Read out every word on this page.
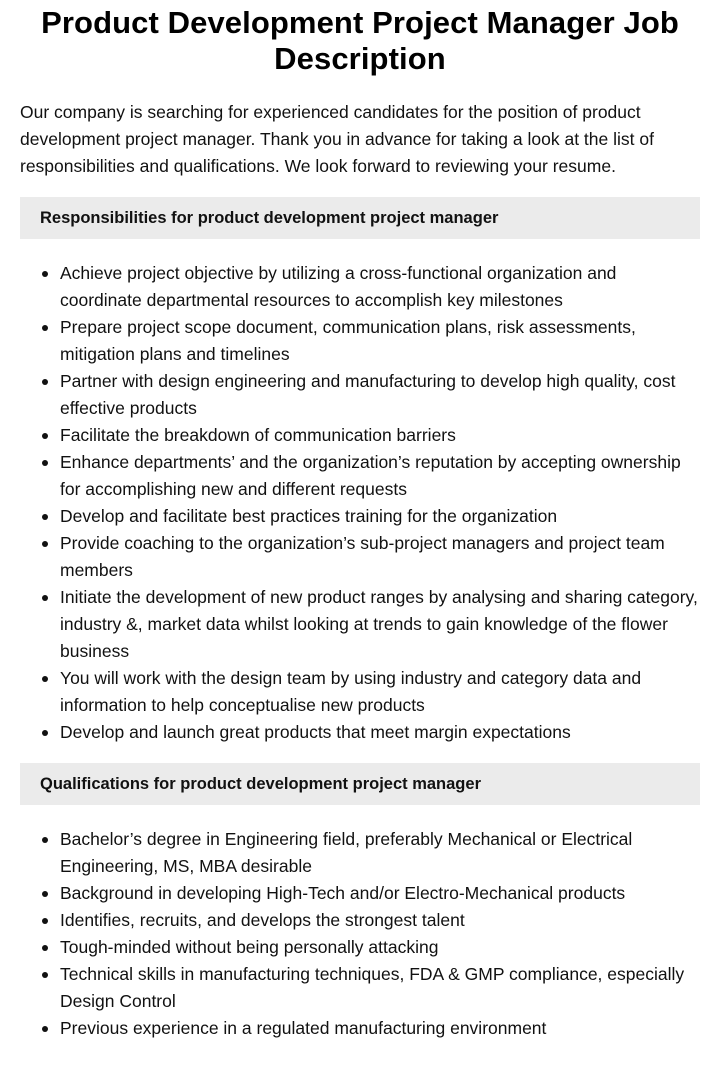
Product Development Project Manager Job Description

Our company is searching for experienced candidates for the position of product development project manager. Thank you in advance for taking a look at the list of responsibilities and qualifications. We look forward to reviewing your resume.

Responsibilities for product development project manager
Achieve project objective by utilizing a cross-functional organization and coordinate departmental resources to accomplish key milestones
Prepare project scope document, communication plans, risk assessments, mitigation plans and timelines
Partner with design engineering and manufacturing to develop high quality, cost effective products
Facilitate the breakdown of communication barriers
Enhance departments’ and the organization’s reputation by accepting ownership for accomplishing new and different requests
Develop and facilitate best practices training for the organization
Provide coaching to the organization’s sub-project managers and project team members
Initiate the development of new product ranges by analysing and sharing category, industry &, market data whilst looking at trends to gain knowledge of the flower business
You will work with the design team by using industry and category data and information to help conceptualise new products
Develop and launch great products that meet margin expectations
Qualifications for product development project manager
Bachelor’s degree in Engineering field, preferably Mechanical or Electrical Engineering, MS, MBA desirable
Background in developing High-Tech and/or Electro-Mechanical products
Identifies, recruits, and develops the strongest talent
Tough-minded without being personally attacking
Technical skills in manufacturing techniques, FDA & GMP compliance, especially Design Control
Previous experience in a regulated manufacturing environment
